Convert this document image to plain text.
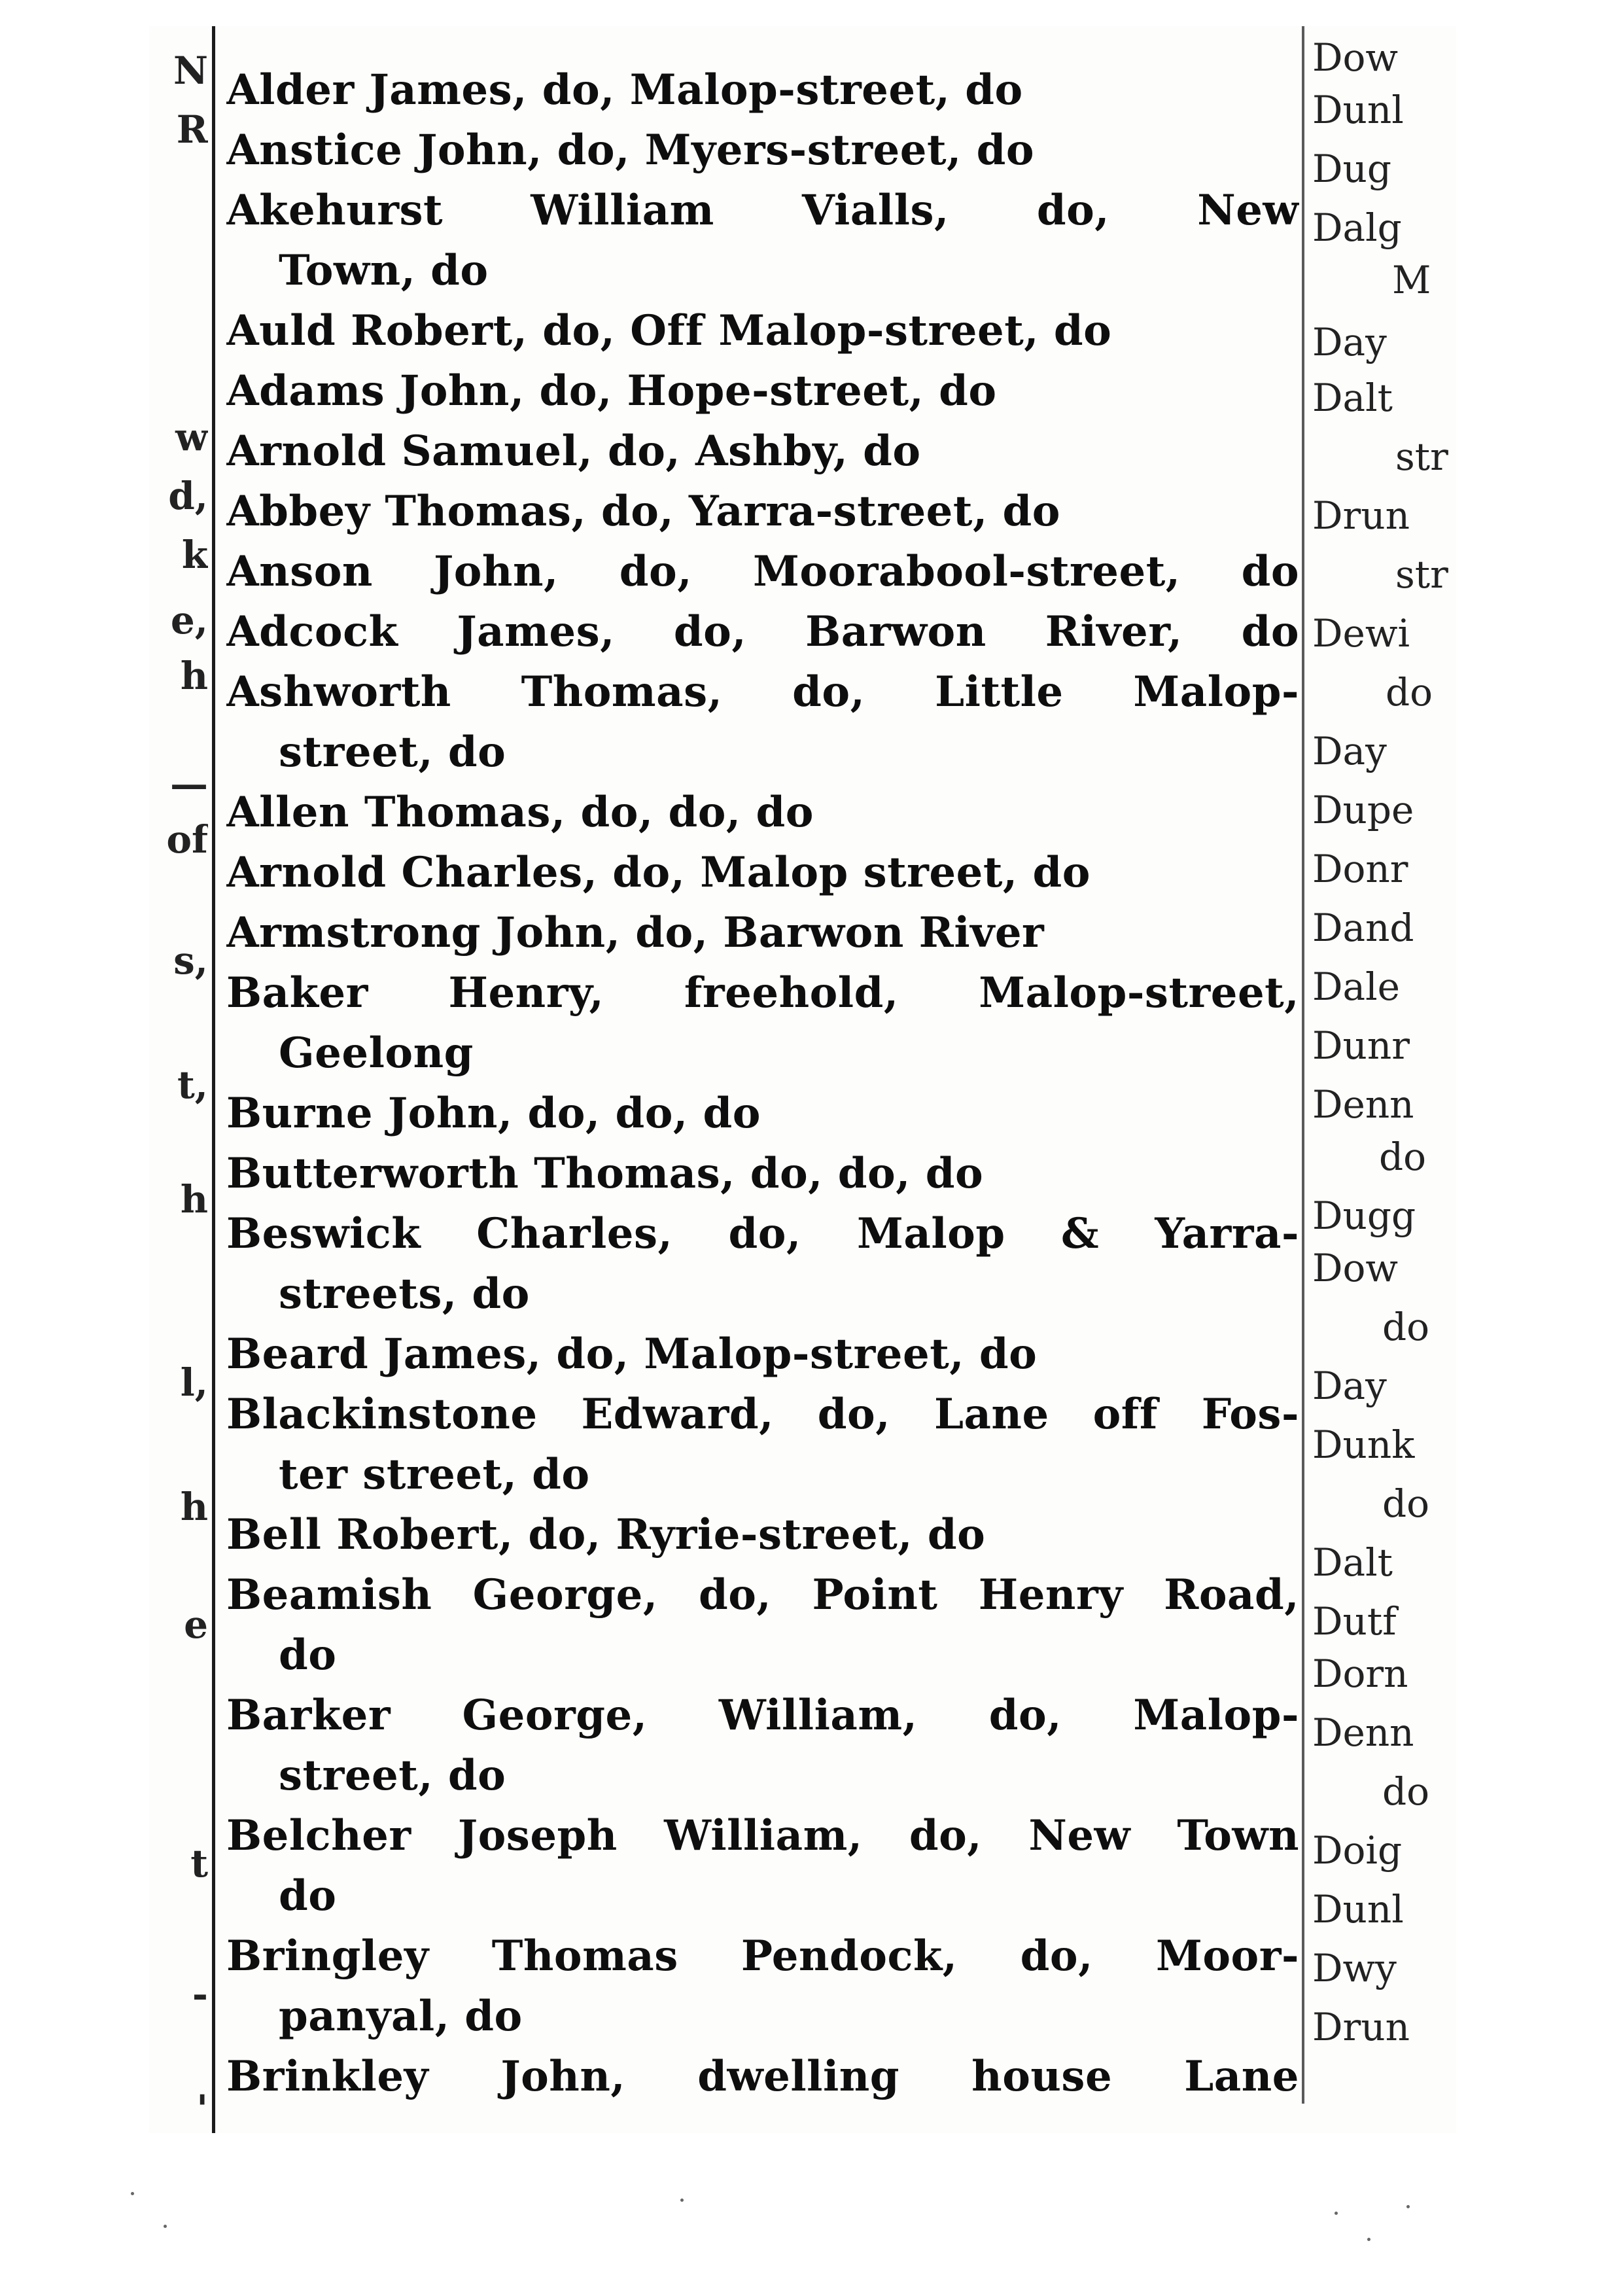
N
R
w
d,
k
e,
h
—
of
s,
t,
h
l,
h
e
t
-
'
Alder James, do, Malop-street, do
Anstice John, do, Myers-street, do
Akehurst William Vialls, do, New
Town, do
Auld Robert, do, Off Malop-street, do
Adams John, do, Hope-street, do
Arnold Samuel, do, Ashby, do
Abbey Thomas, do, Yarra-street, do
Anson John, do, Moorabool-street, do
Adcock James, do, Barwon River, do
Ashworth Thomas, do, Little Malop-
street, do
Allen Thomas, do, do, do
Arnold Charles, do, Malop street, do
Armstrong John, do, Barwon River
Baker Henry, freehold, Malop-street,
Geelong
Burne John, do, do, do
Butterworth Thomas, do, do, do
Beswick Charles, do, Malop & Yarra-
streets, do
Beard James, do, Malop-street, do
Blackinstone Edward, do, Lane off Fos-
ter street, do
Bell Robert, do, Ryrie-street, do
Beamish George, do, Point Henry Road,
do
Barker George, William, do, Malop-
street, do
Belcher Joseph William, do, New Town
do
Bringley Thomas Pendock, do, Moor-
panyal, do
Brinkley John, dwelling house Lane
Dow
Dunl
Dug
Dalg
M
Day
Dalt
str
Drun
str
Dewi
do
Day
Dupe
Donr
Dand
Dale
Dunr
Denn
do
Dugg
Dow
do
Day
Dunk
do
Dalt
Dutf
Dorn
Denn
do
Doig
Dunl
Dwy
Drun
